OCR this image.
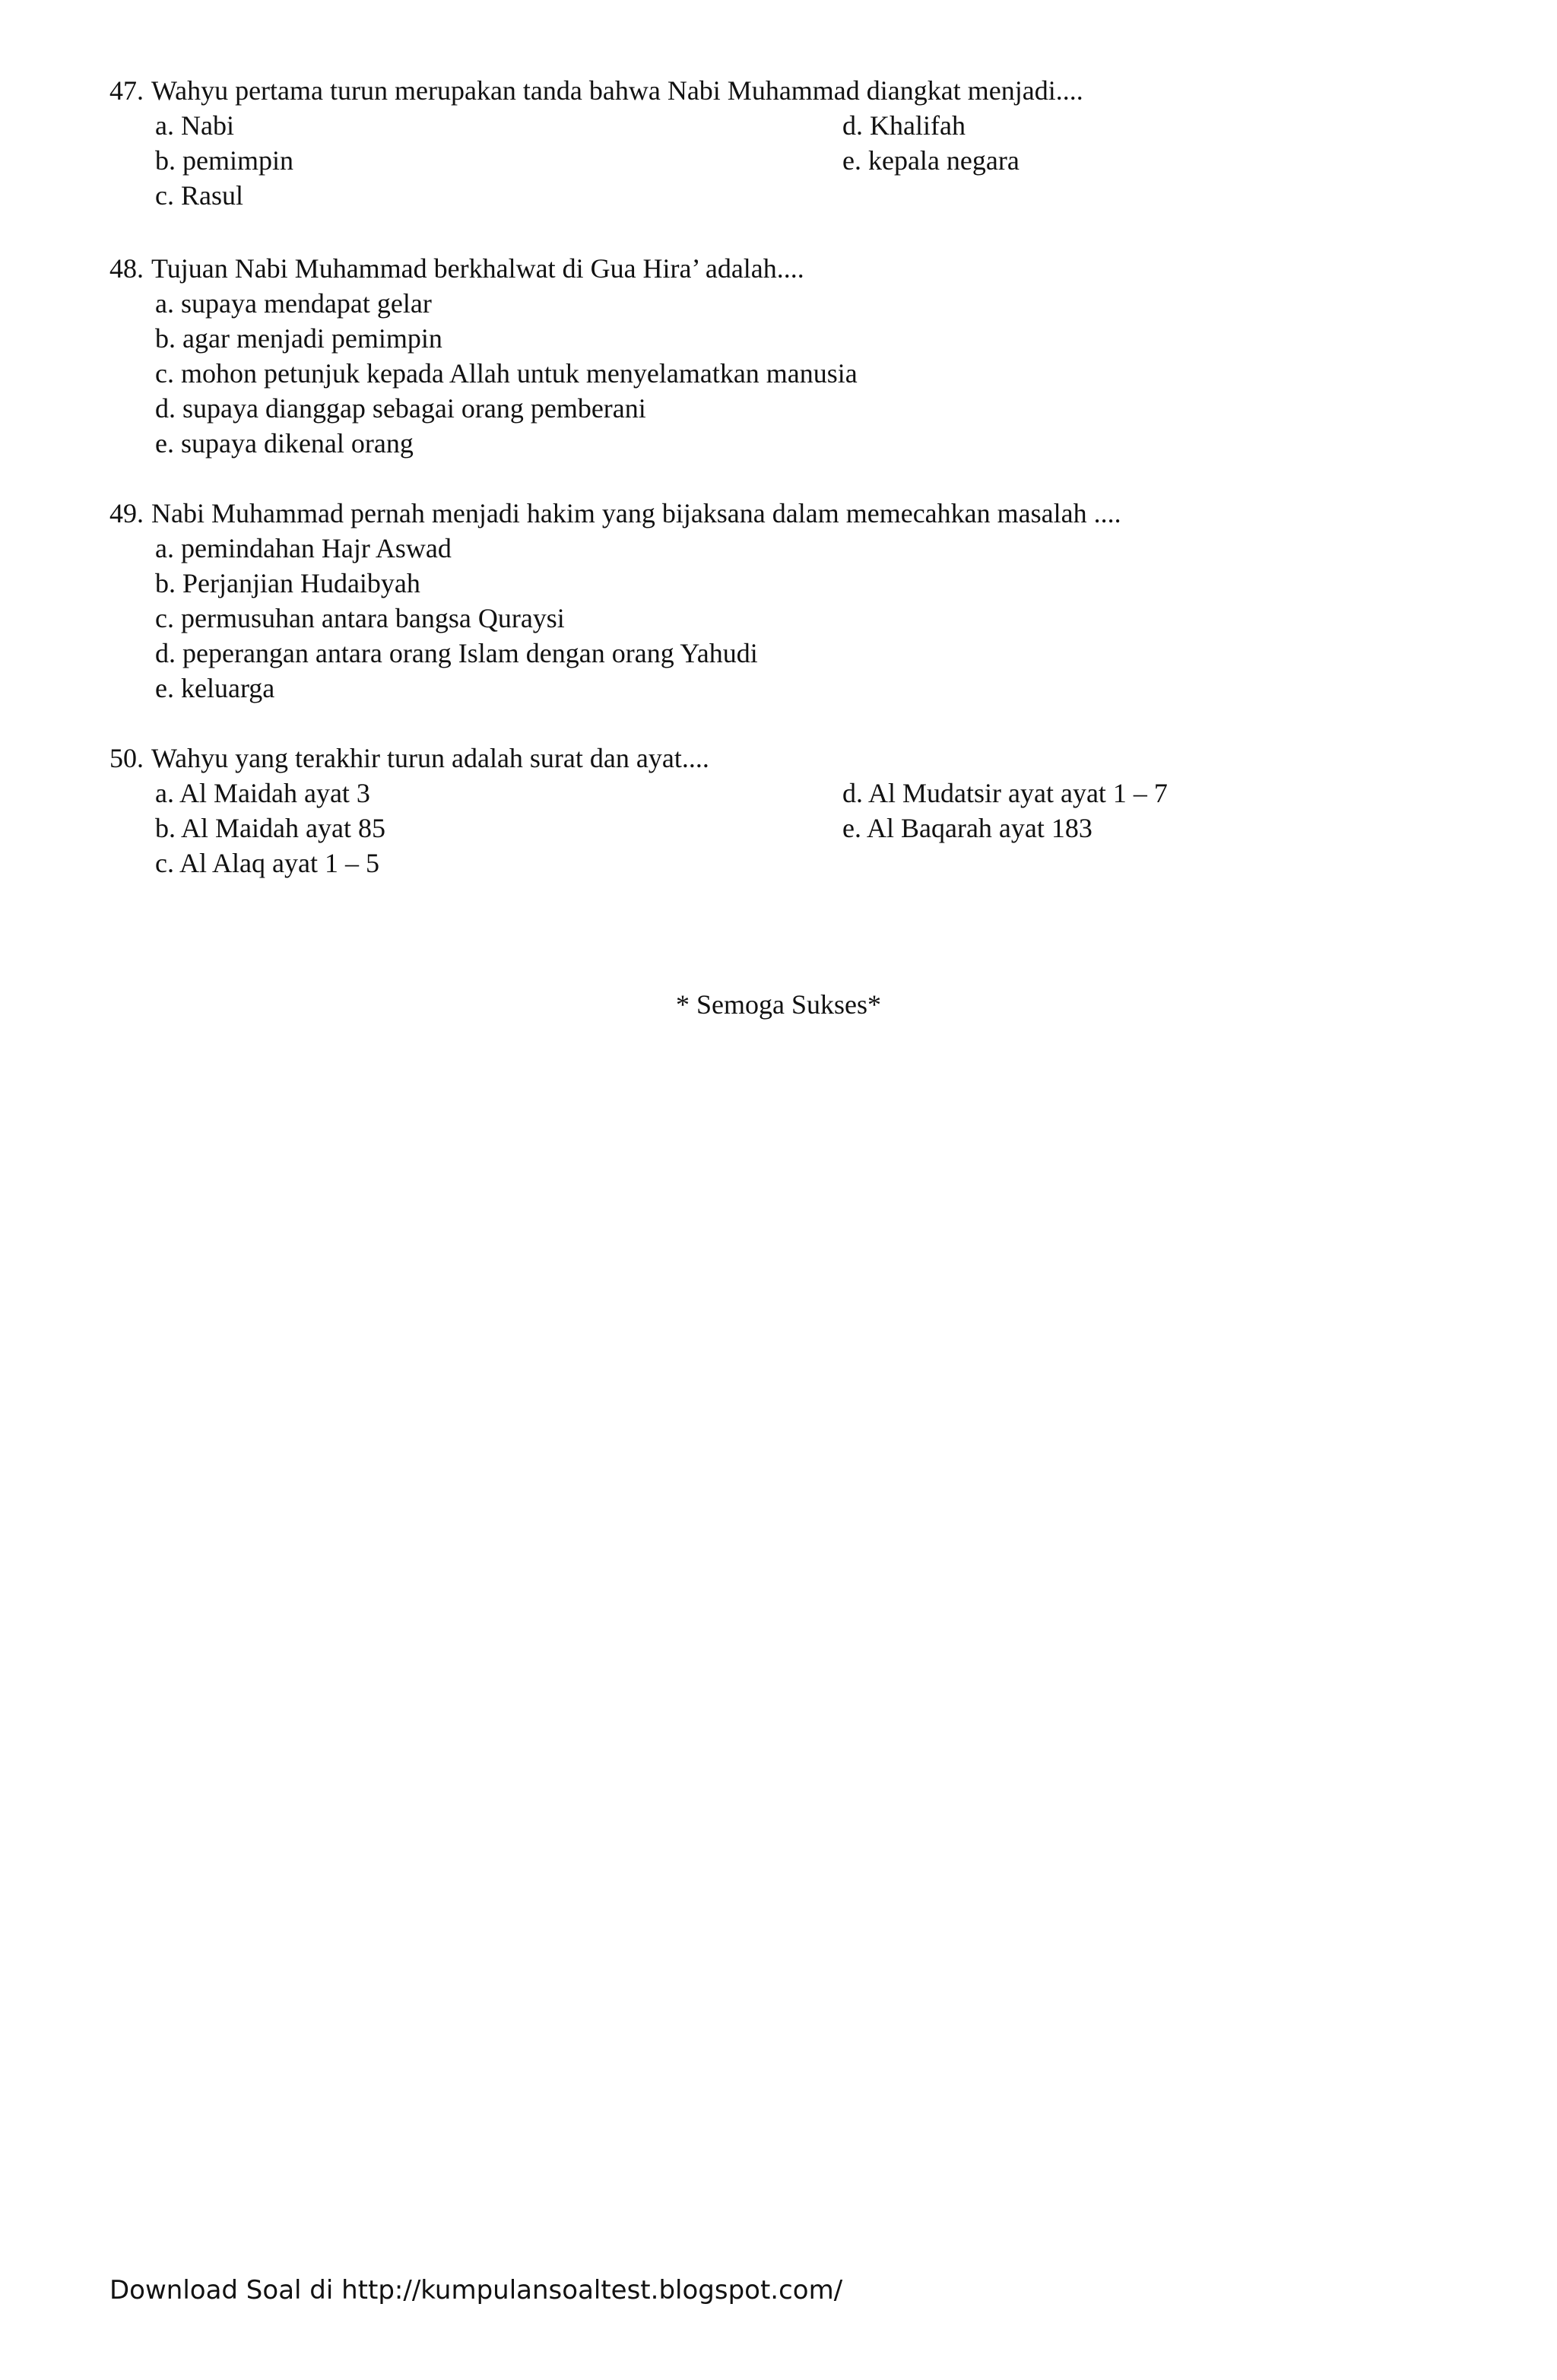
47. Wahyu pertama turun merupakan tanda bahwa Nabi Muhammad diangkat menjadi....
a. Nabi
b. pemimpin
c. Rasul
d. Khalifah
e. kepala negara
48. Tujuan Nabi Muhammad berkhalwat di Gua Hira’ adalah....
a. supaya mendapat gelar
b. agar menjadi pemimpin
c. mohon petunjuk kepada Allah untuk menyelamatkan manusia
d. supaya dianggap sebagai orang pemberani
e. supaya dikenal orang
49. Nabi Muhammad pernah menjadi hakim yang bijaksana dalam memecahkan masalah ....
a. pemindahan Hajr Aswad
b. Perjanjian Hudaibyah
c. permusuhan antara bangsa Quraysi
d. peperangan antara orang Islam dengan orang Yahudi
e. keluarga
50. Wahyu yang terakhir turun adalah surat dan ayat....
a. Al Maidah ayat 3
b. Al Maidah ayat 85
c. Al Alaq ayat 1 – 5
d. Al Mudatsir ayat ayat 1 – 7
e. Al Baqarah ayat 183
* Semoga Sukses*
Download Soal di http://kumpulansoaltest.blogspot.com/
